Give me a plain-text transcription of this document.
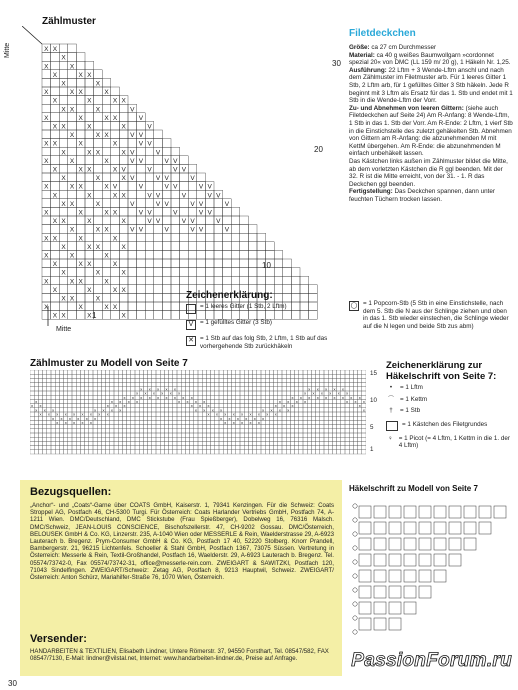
Zählmuster
Mitte
Mitte
X X
X
X	X
X	X X
X	X
X	X X	X
X	X	X X
X X	X	V
X	X	X X	V
X X	X	X	V
X	X X	V V
X X	X	X	V V
X	X X	X V	V
X	X	X	V V	V V
X	X X	X V	V	V V
X	X	X V	V V	V
X	X X	X V	V	V V	V V
X	X	X X	V V	V	V V
X X	X	V	V V	V V	V
X	X	X X	V V	V	V V
X X	X	X	V V	V V	V
X	X X	V V	V	V V	V
X X	X	X
X	X X	X
X	X	X
X	X X	X
X	X	X
X	X X	X
X	X	X X
X X	X
X	X	X X
X X	X	X
30
20
10
1
Filetdeckchen
Größe: ca 27 cm Durchmesser
Material: ca 40 g weißes Baumwollgarn »cordonnet spezial 20« von DMC (LL 159 m/ 20 g), 1 Häkeln Nr. 1,25.
Ausführung: 22 Lftm + 3 Wende-Lftm anschl und nach dem Zählmuster im Filetmuster arb. Für 1 leeres Gitter 1 Stb, 2 Lftm arb, für 1 gefülltes Gitter 3 Stb häkeln. Jede R beginnt mit 3 Lftm als Ersatz für das 1. Stb und endet mit 1 Stb in die Wende-Lftm der Vorr.
Zu- und Abnehmen von leeren Gittern: (siehe auch Filetdeckchen auf Seite 24) Am R-Anfang: 8 Wende-Lftm, 1 Stb in das 1. Stb der Vorr. Am R-Ende: 2 Lftm, 1 vierf Stb in die Einstichstelle des zuletzt gehäkelten Stb. Abnehmen von Gittern am R-Anfang: die abzunehmenden M mit KettM übergehen. Am R-Ende: die abzunehmenden M einfach unbehäkelt lassen.
Das Kästchen links außen im Zählmuster bildet die Mitte, ab dem vorletzten Kästchen die R ggl beenden. Mit der 32. R ist die Mitte erreicht, von der 31. - 1. R das Deckchen ggl beenden.
Fertigstellung: Das Deckchen spannen, dann unter feuchten Tüchern trocken lassen.
Zeichenerklärung:
= 1 leeres Gitter (1 Stb, 2 Lftm)
V	= 1 gefülltes Gitter (3 Stb)
✕ = 1 Stb auf das folg Stb, 2 Lftm, 1 Stb auf das vorhergehende Stb zurückhäkeln
◯ = 1 Popcorn-Stb (5 Stb in eine Einstichstelle, nach dem 5. Stb die N aus der Schlinge ziehen und oben in das 1. Stb wieder einstechen, die Schlinge wieder auf die N legen und beide Stb zus abm)
Zählmuster zu Modell von Seite 7
x x x x x	x x x x x
x x x x x x	x x x x x x
x x x x x x x x x	x x x x x x x x x
x	x x x x	x x x x	x x x x	x x x
x x	x x x	x x x	x x x	x
x x x	x x x x	x x x x	x x x x	x
x x x x x x x x x	x x x x x x x x x
x x x x x x	x x x x x x
x x x x x	x x x x x
15
10
5
1
Zeichenerklärung zur Häkelschrift von Seite 7:
•	= 1 Lftm
⌒ = 1 Kettm
†	= 1 Stb
= 1 Kästchen des Filetgrundes
♀ = 1 Picot (= 4 Lftm, 1 Kettm in die 1. der 4 Lftm)
Häkelschrift zu Modell von Seite 7
Bezugsquellen:
„Anchor“- und „Coats“-Garne über COATS GmbH, Kaiserstr. 1, 79341 Kenzingen. Für die Schweiz: Coats Stroppel AG, Postfach 46, CH-5300 Turgi. Für Österreich: Coats Harlander Vertriebs GmbH, Postfach 74, A-1211 Wien. DMC/Deutschland, DMC Stickstube (Frau Spießberger), Dobelweg 16, 76316 Malsch. DMC/Schweiz, JEAN-LOUIS CONSCIENCE, Bischofszellerstr. 47, CH-9202 Gossau. DMC/Österreich, BELOUSEK GmbH & Co. KG, Linzerstr. 235, A-1040 Wien oder MESSERLE & Rein, Waelderstrasse 29, A-6923 Lauterach b. Bregenz. Prym-Consumer GmbH & Co. KG, Postfach 17 40, 52220 Stolberg. Knorr Prandell, Bambergerstr. 21, 96215 Lichtenfels. Schoeller & Stahl GmbH, Postfach 1367, 73075 Süssen. Vertretung in Österreich: Messerle & Rein, Textil-Großhandel, Postfach 16, Waelderstr. 29, A-6923 Lauterach b. Bregenz. Tel. 05574/73742-0, Fax 05574/73742-31, office@messerle-rein.com. ZWEIGART & SAWITZKI, Postfach 120, 71043 Sindelfingen. ZWEIGART/Schweiz: Zetag AG, Postfach 8, 9213 Hauptwil, Schweiz. ZWEIGART/Österreich: Anton Schürz, Mariahilfer-Straße 76, 1070 Wien, Österreich.
Versender:
HANDARBEITEN & TEXTILIEN, Elisabeth Lindner, Untere Römerstr. 37, 94550 Forsthart, Tel. 08547/582, FAX 08547/7130, E-Mail: lindner@vilstal.net, Internet: www.handarbeiten-lindner.de, Preise auf Anfrage.
30
PassionForum.ru
